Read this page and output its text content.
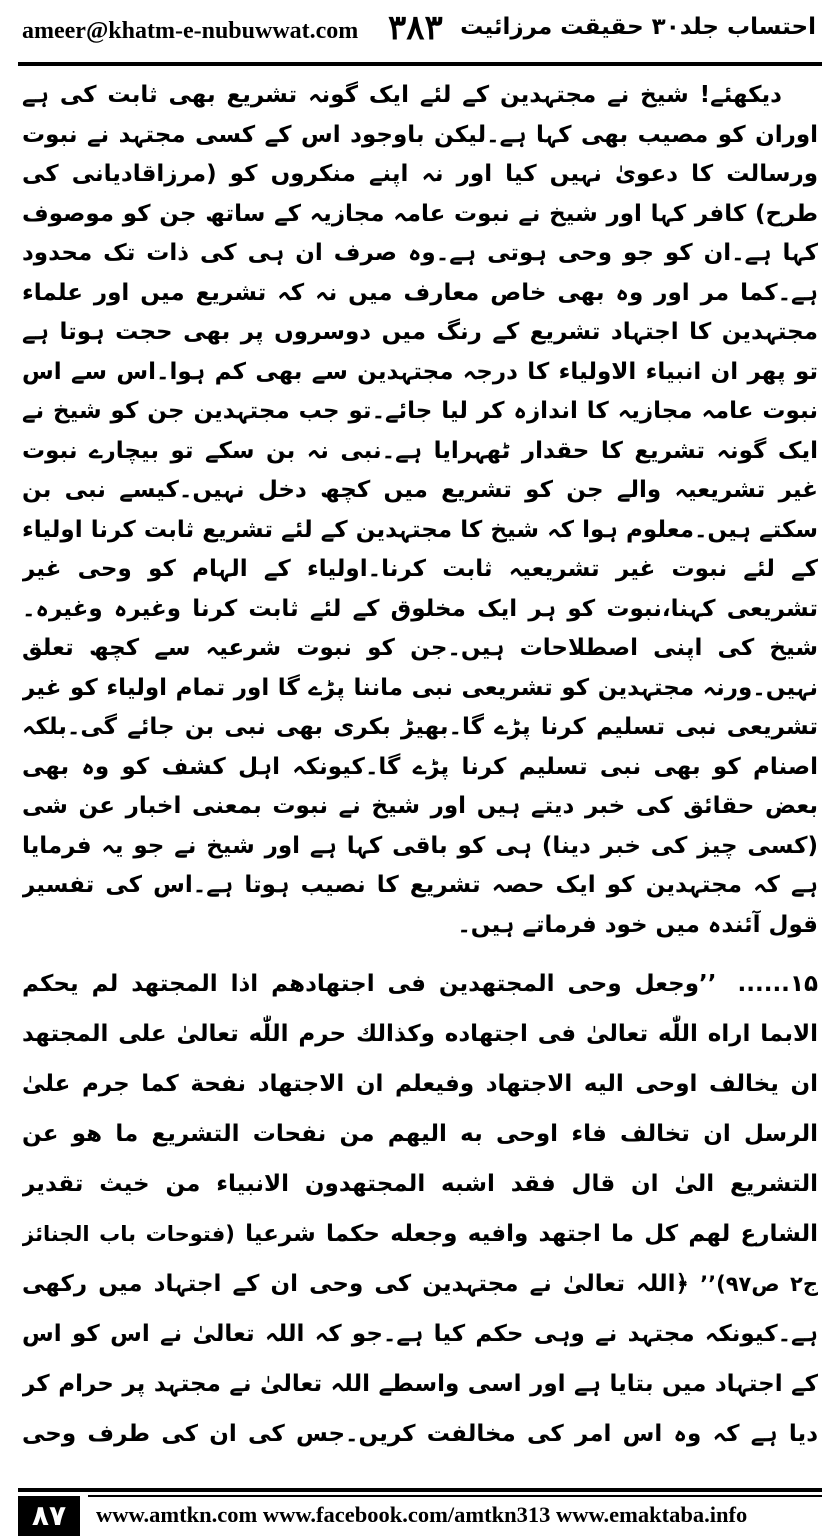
ameer@khatm-e-nubuwwat.com ۳۸۳ احتساب جلد۳۰ حقیقت مرزائیت

دیکھئے! شیخ نے مجتہدین کے لئے ایک گونہ تشریع بھی ثابت کی ہے اوران کو مصیب بھی کہا ہے۔لیکن باوجود اس کے کسی مجتہد نے نبوت ورسالت کا دعویٰ نہیں کیا اور نہ اپنے منکروں کو (مرزاقادیانی کی طرح) کافر کہا اور شیخ نے نبوت عامہ مجازیہ کے ساتھ جن کو موصوف کہا ہے۔ان کو جو وحی ہوتی ہے۔وہ صرف ان ہی کی ذات تک محدود ہے۔کما مر اور وہ بھی خاص معارف میں نہ کہ تشریع میں اور علماء مجتہدین کا اجتہاد تشریع کے رنگ میں دوسروں پر بھی حجت ہوتا ہے تو پھر ان انبیاء الاولیاء کا درجہ مجتہدین سے بھی کم ہوا۔اس سے اس نبوت عامہ مجازیہ کا اندازہ کر لیا جائے۔تو جب مجتہدین جن کو شیخ نے ایک گونہ تشریع کا حقدار ٹھہرایا ہے۔نبی نہ بن سکے تو بیچارے نبوت غیر تشریعیہ والے جن کو تشریع میں کچھ دخل نہیں۔کیسے نبی بن سکتے ہیں۔معلوم ہوا کہ شیخ کا مجتہدین کے لئے تشریع ثابت کرنا اولیاء کے لئے نبوت غیر تشریعیہ ثابت کرنا۔اولیاء کے الہام کو وحی غیر تشریعی کہنا،نبوت کو ہر ایک مخلوق کے لئے ثابت کرنا وغیرہ وغیرہ۔شیخ کی اپنی اصطلاحات ہیں۔جن کو نبوت شرعیہ سے کچھ تعلق نہیں۔ورنہ مجتہدین کو تشریعی نبی ماننا پڑے گا اور تمام اولیاء کو غیر تشریعی نبی تسلیم کرنا پڑے گا۔بھیڑ بکری بھی نبی بن جائے گی۔بلکہ اصنام کو بھی نبی تسلیم کرنا پڑے گا۔کیونکہ اہل کشف کو وہ بھی بعض حقائق کی خبر دیتے ہیں اور شیخ نے نبوت بمعنی اخبار عن شی (کسی چیز کی خبر دینا) ہی کو باقی کہا ہے اور شیخ نے جو یہ فرمایا ہے کہ مجتہدین کو ایک حصہ تشریع کا نصیب ہوتا ہے۔اس کی تفسیر قول آئندہ میں خود فرماتے ہیں۔

۱۵...... ’’وجعل وحی المجتهدین فی اجتهادهم اذا المجتهد لم یحکم الابما اراه اللّٰه تعالیٰ فی اجتهاده وکذالك حرم اللّٰه تعالیٰ علی المجتهد ان یخالف اوحی الیه الاجتهاد وفیعلم ان الاجتهاد نفحة کما جرم علیٰ الرسل ان تخالف فاء اوحی به الیهم من نفحات التشریع ما هو عن التشریع الیٰ ان قال فقد اشبه المجتهدون الانبیاء من خیث تقدیر الشارع لهم کل ما اجتهد وافیه وجعله حکما شرعیا (فتوحات باب الجنائز ج۲ ص۹۷)’’ ﴿اللہ تعالیٰ نے مجتہدین کی وحی ان کے اجتہاد میں رکھی ہے۔کیونکہ مجتہد نے وہی حکم کیا ہے۔جو کہ اللہ تعالیٰ نے اس کو اس کے اجتہاد میں بتایا ہے اور اسی واسطے اللہ تعالیٰ نے مجتہد پر حرام کر دیا ہے کہ وہ اس امر کی مخالفت کریں۔جس کی ان کی طرف وحی
۸۷	www.amtkn.com www.facebook.com/amtkn313 www.emaktaba.info
